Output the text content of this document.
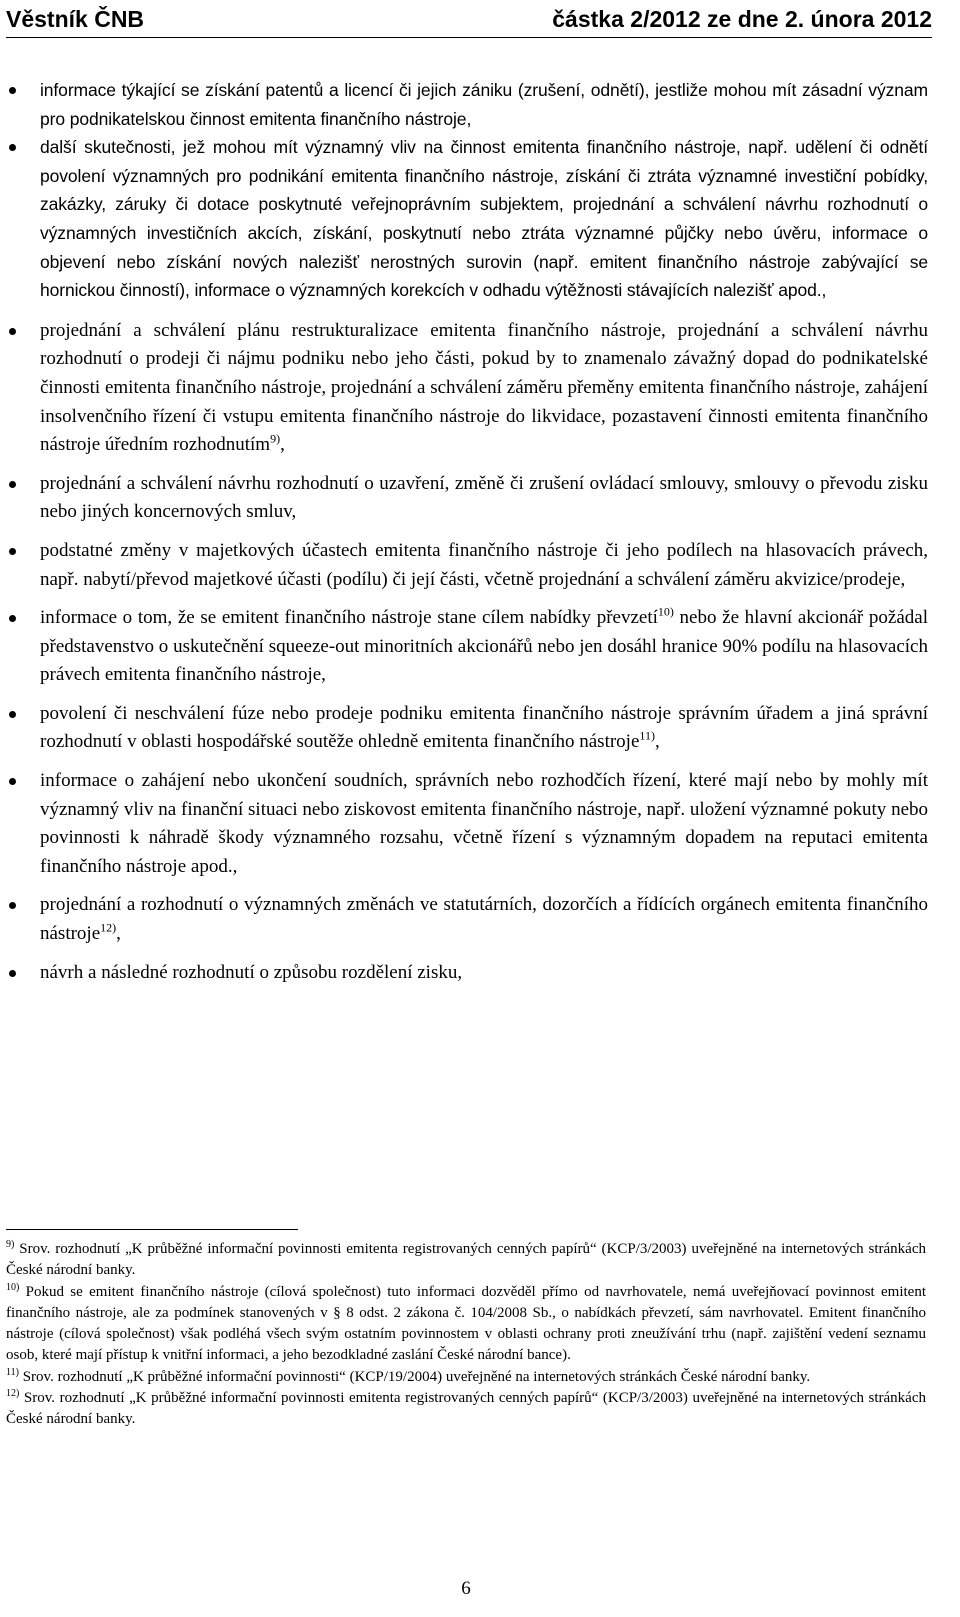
Věstník ČNB	částka 2/2012 ze dne 2. února 2012
informace týkající se získání patentů a licencí či jejich zániku (zrušení, odnětí), jestliže mohou mít zásadní význam pro podnikatelskou činnost emitenta finančního nástroje,
další skutečnosti, jež mohou mít významný vliv na činnost emitenta finančního nástroje, např. udělení či odnětí povolení významných pro podnikání emitenta finančního nástroje, získání či ztráta významné investiční pobídky, zakázky, záruky či dotace poskytnuté veřejnoprávním subjektem, projednání a schválení návrhu rozhodnutí o významných investičních akcích, získání, poskytnutí nebo ztráta významné půjčky nebo úvěru, informace o objevení nebo získání nových nalezišť nerostných surovin (např. emitent finančního nástroje zabývající se hornickou činností), informace o významných korekcích v odhadu výtěžnosti stávajících nalezišť apod.,
projednání a schválení plánu restrukturalizace emitenta finančního nástroje, projednání a schválení návrhu rozhodnutí o prodeji či nájmu podniku nebo jeho části, pokud by to znamenalo závažný dopad do podnikatelské činnosti emitenta finančního nástroje, projednání a schválení záměru přeměny emitenta finančního nástroje, zahájení insolvenčního řízení či vstupu emitenta finančního nástroje do likvidace, pozastavení činnosti emitenta finančního nástroje úředním rozhodnutím$^{9)}$,
projednání a schválení návrhu rozhodnutí o uzavření, změně či zrušení ovládací smlouvy, smlouvy o převodu zisku nebo jiných koncernových smluv,
podstatné změny v majetkových účastech emitenta finančního nástroje či jeho podílech na hlasovacích právech, např. nabytí/převod majetkové účasti (podílu) či její části, včetně projednání a schválení záměru akvizice/prodeje,
informace o tom, že se emitent finančního nástroje stane cílem nabídky převzetí$^{10)}$ nebo že hlavní akcionář požádal představenstvo o uskutečnění squeeze-out minoritních akcionářů nebo jen dosáhl hranice 90% podílu na hlasovacích právech emitenta finančního nástroje,
povolení či neschválení fúze nebo prodeje podniku emitenta finančního nástroje správním úřadem a jiná správní rozhodnutí v oblasti hospodářské soutěže ohledně emitenta finančního nástroje$^{11)}$,
informace o zahájení nebo ukončení soudních, správních nebo rozhodčích řízení, které mají nebo by mohly mít významný vliv na finanční situaci nebo ziskovost emitenta finančního nástroje, např. uložení významné pokuty nebo povinnosti k náhradě škody významného rozsahu, včetně řízení s významným dopadem na reputaci emitenta finančního nástroje apod.,
projednání a rozhodnutí o významných změnách ve statutárních, dozorčích a řídících orgánech emitenta finančního nástroje$^{12)}$,
návrh a následné rozhodnutí o způsobu rozdělení zisku,

$^{9)}$ Srov. rozhodnutí „K průběžné informační povinnosti emitenta registrovaných cenných papírů“ (KCP/3/2003) uveřejněné na internetových stránkách České národní banky.

$^{10)}$ Pokud se emitent finančního nástroje (cílová společnost) tuto informaci dozvěděl přímo od navrhovatele, nemá uveřejňovací povinnost emitent finančního nástroje, ale za podmínek stanovených v § 8 odst. 2 zákona č. 104/2008 Sb., o nabídkách převzetí, sám navrhovatel. Emitent finančního nástroje (cílová společnost) však podléhá všech svým ostatním povinnostem v oblasti ochrany proti zneužívání trhu (např. zajištění vedení seznamu osob, které mají přístup k vnitřní informaci, a jeho bezodkladné zaslání České národní bance).

$^{11)}$ Srov. rozhodnutí „K průběžné informační povinnosti“ (KCP/19/2004) uveřejněné na internetových stránkách České národní banky.

$^{12)}$ Srov. rozhodnutí „K průběžné informační povinnosti emitenta registrovaných cenných papírů“ (KCP/3/2003) uveřejněné na internetových stránkách České národní banky.

6
